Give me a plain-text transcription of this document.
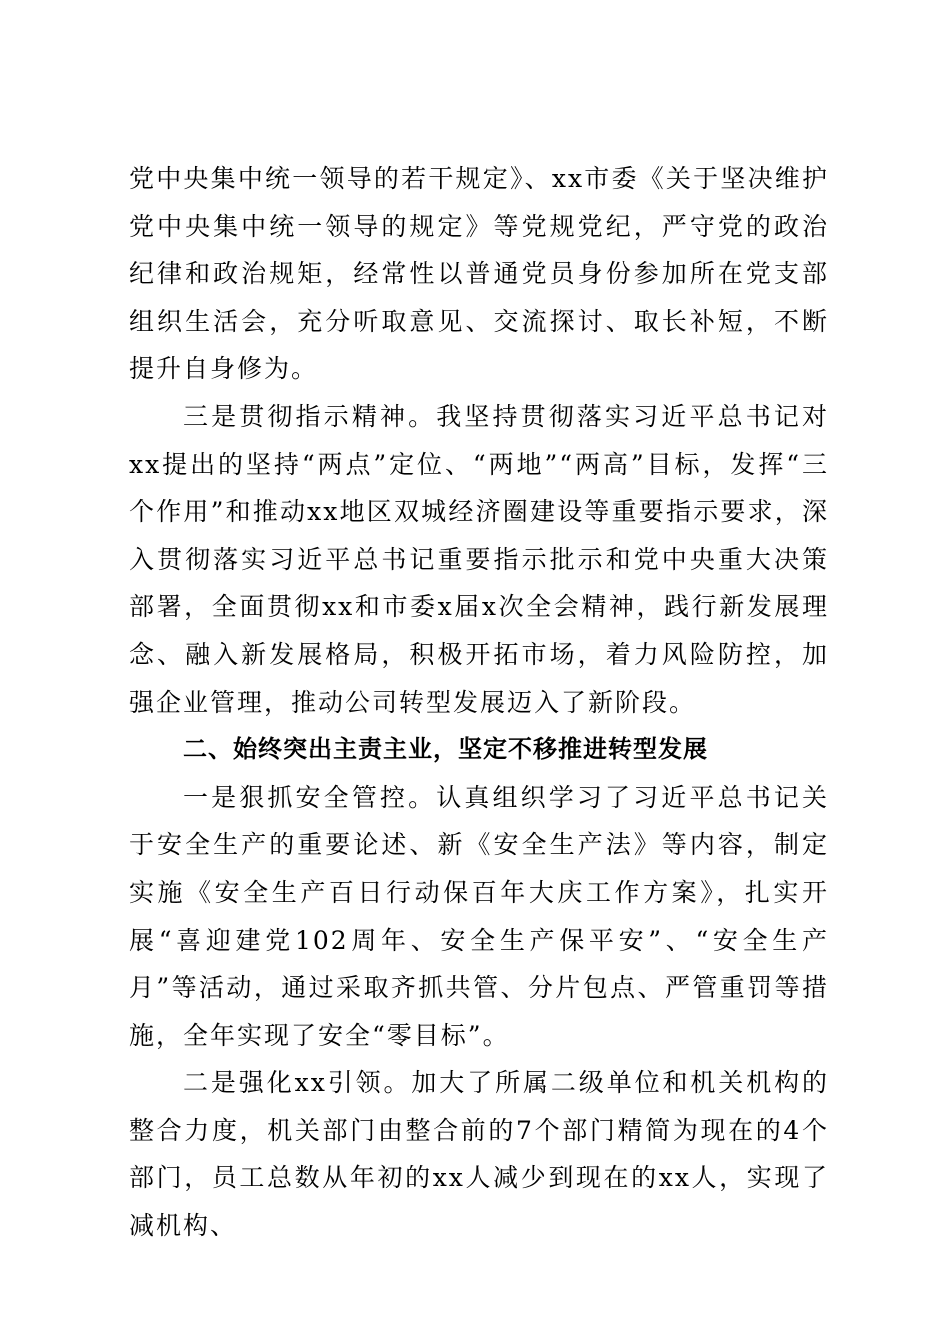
党中央集中统一领导的若干规定》、xx市委《关于坚决维护党中央集中统一领导的规定》等党规党纪，严守党的政治纪律和政治规矩，经常性以普通党员身份参加所在党支部组织生活会，充分听取意见、交流探讨、取长补短，不断提升自身修为。

三是贯彻指示精神。我坚持贯彻落实习近平总书记对xx提出的坚持“两点”定位、“两地”“两高”目标，发挥“三个作用”和推动xx地区双城经济圈建设等重要指示要求，深入贯彻落实习近平总书记重要指示批示和党中央重大决策部署，全面贯彻xx和市委x届x次全会精神，践行新发展理念、融入新发展格局，积极开拓市场，着力风险防控，加强企业管理，推动公司转型发展迈入了新阶段。

二、始终突出主责主业，坚定不移推进转型发展

一是狠抓安全管控。认真组织学习了习近平总书记关于安全生产的重要论述、新《安全生产法》等内容，制定实施《安全生产百日行动保百年大庆工作方案》，扎实开展“喜迎建党102周年、安全生产保平安”、“安全生产月”等活动，通过采取齐抓共管、分片包点、严管重罚等措施，全年实现了安全“零目标”。

二是强化xx引领。加大了所属二级单位和机关机构的整合力度，机关部门由整合前的7个部门精简为现在的4个部门，员工总数从年初的xx人减少到现在的xx人，实现了减机构、
